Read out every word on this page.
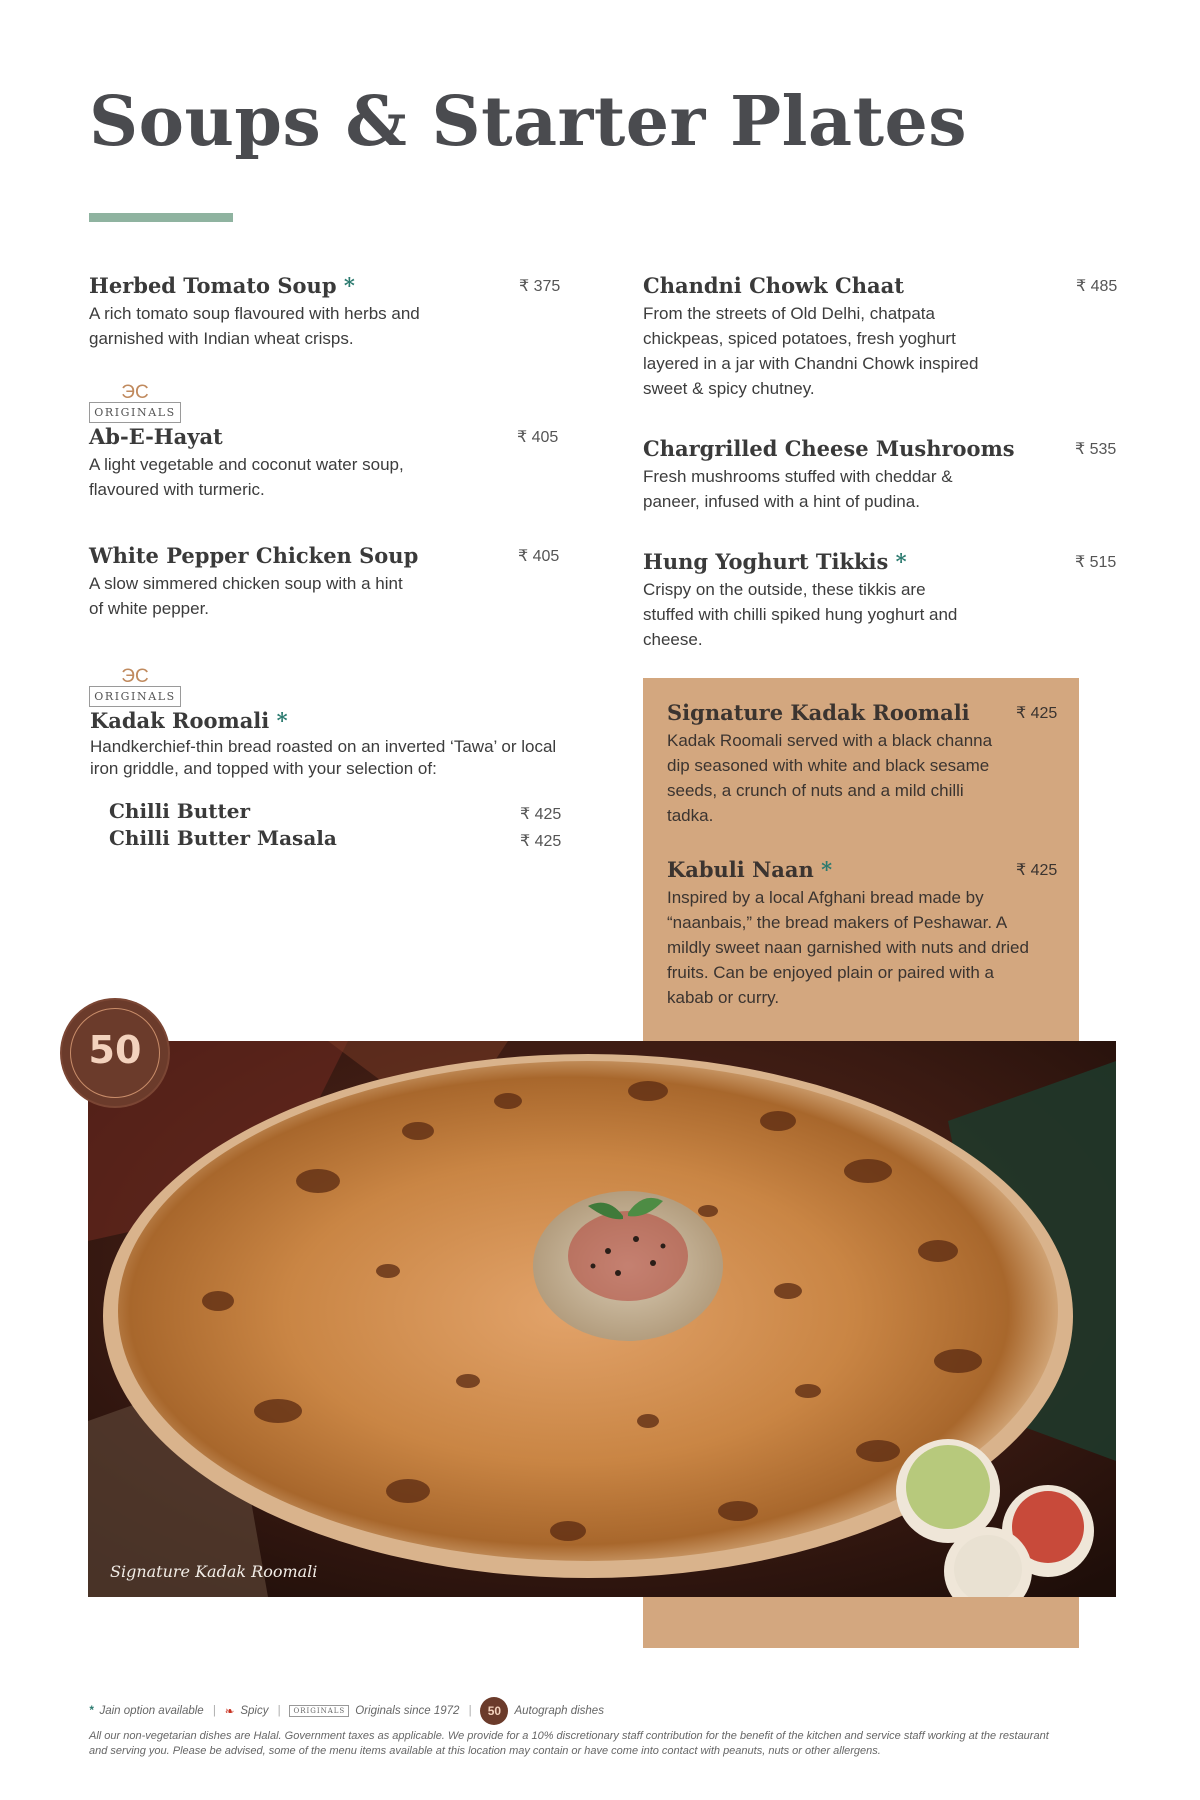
Soups & Starter Plates
Herbed Tomato Soup *	₹ 375
A rich tomato soup flavoured with herbs and garnished with Indian wheat crisps.
ЭC
ORIGINALS
Ab-E-Hayat	₹ 405
A light vegetable and coconut water soup, flavoured with turmeric.
White Pepper Chicken Soup	₹ 405
A slow simmered chicken soup with a hint of white pepper.
ЭC
ORIGINALS
Kadak Roomali *
Handkerchief-thin bread roasted on an inverted ‘Tawa’ or local iron griddle, and topped with your selection of:
Chilli Butter	₹ 425
Chilli Butter Masala	₹ 425
Chandni Chowk Chaat	₹ 485
From the streets of Old Delhi, chatpata chickpeas, spiced potatoes, fresh yoghurt layered in a jar with Chandni Chowk inspired sweet & spicy chutney.
Chargrilled Cheese Mushrooms	₹ 535
Fresh mushrooms stuffed with cheddar & paneer, infused with a hint of pudina.
Hung Yoghurt Tikkis *	₹ 515
Crispy on the outside, these tikkis are stuffed with chilli spiked hung yoghurt and cheese.
Signature Kadak Roomali	₹ 425
Kadak Roomali served with a black channa dip seasoned with white and black sesame seeds, a crunch of nuts and a mild chilli tadka.
Kabuli Naan *	₹ 425
Inspired by a local Afghani bread made by “naanbais,” the bread makers of Peshawar. A mildly sweet naan garnished with nuts and dried fruits. Can be enjoyed plain or paired with a kabab or curry.
Signature Kadak Roomali
50
* Jain option available | ❧ Spicy |	ORIGINALS Originals since 1972 |	50	Autograph dishes
All our non-vegetarian dishes are Halal. Government taxes as applicable. We provide for a 10% discretionary staff contribution for the benefit of the kitchen and service staff working at the restaurant and serving you. Please be advised, some of the menu items available at this location may contain or have come into contact with peanuts, nuts or other allergens.
